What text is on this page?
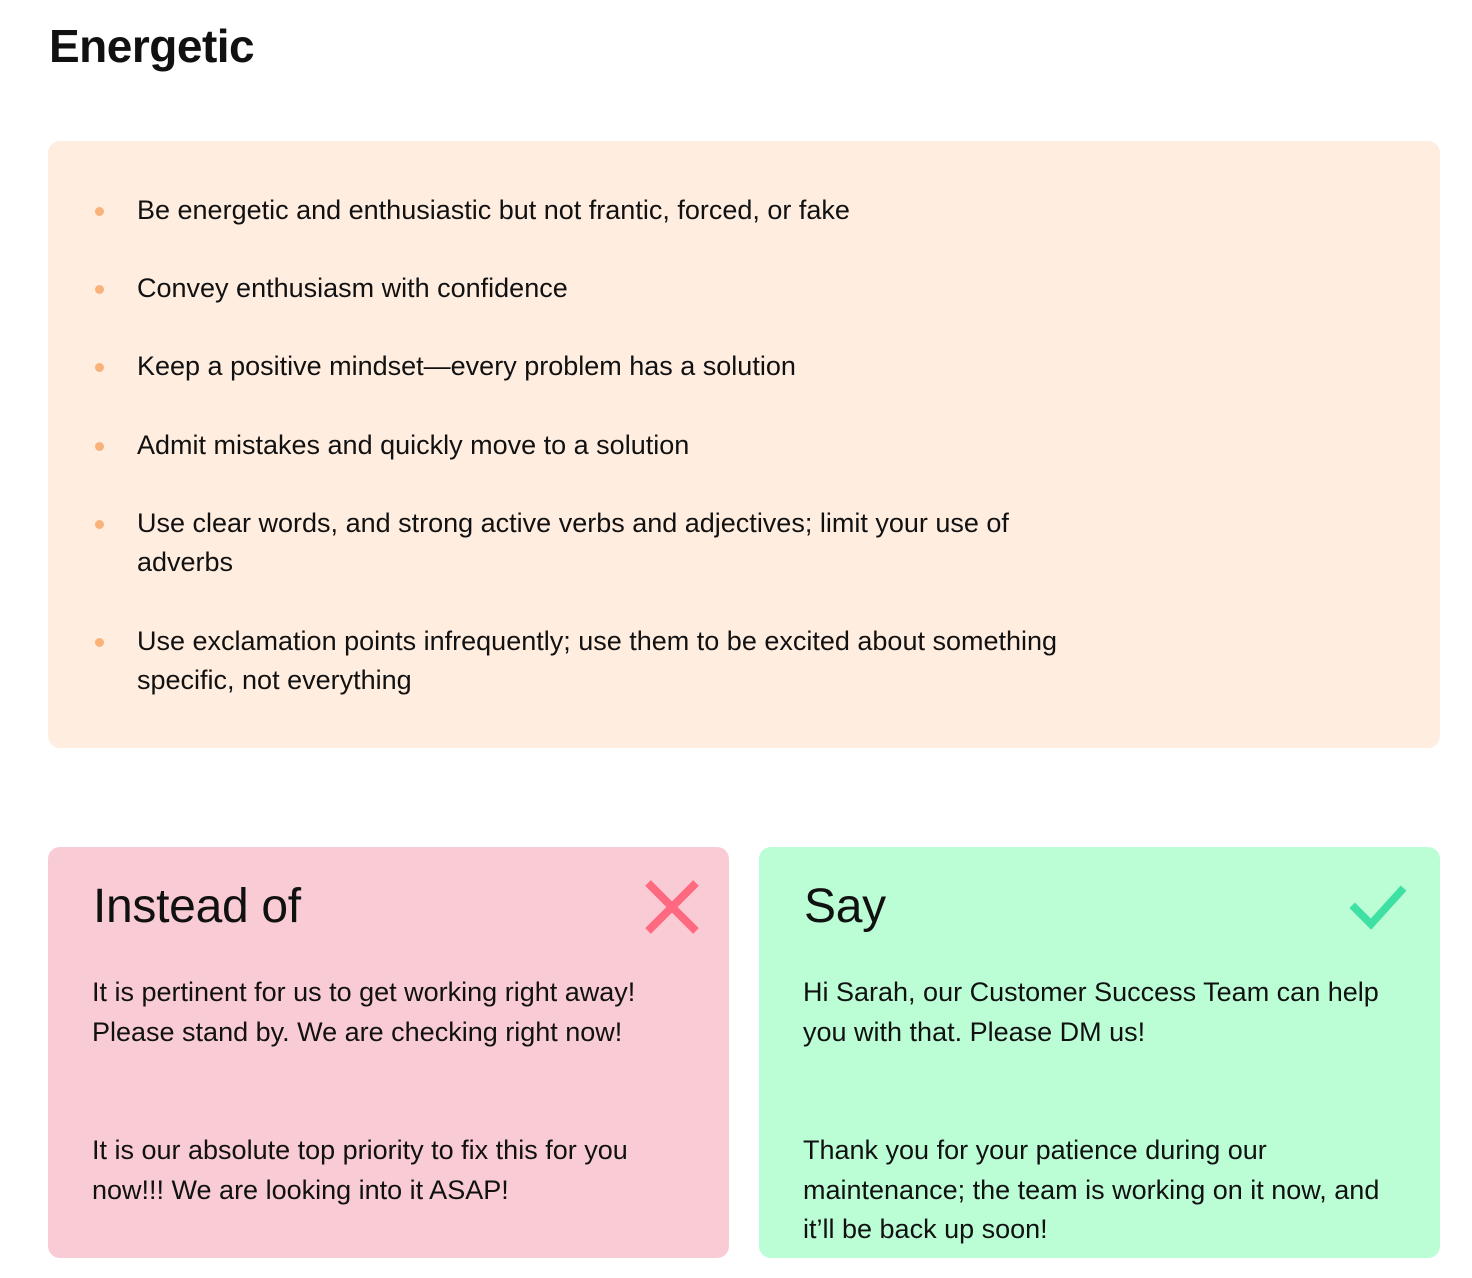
Energetic
Be energetic and enthusiastic but not frantic, forced, or fake
Convey enthusiasm with confidence
Keep a positive mindset—every problem has a solution
Admit mistakes and quickly move to a solution
Use clear words, and strong active verbs and adjectives; limit your use of adverbs
Use exclamation points infrequently; use them to be excited about something specific, not everything
Instead of

It is pertinent for us to get working right away! Please stand by. We are checking right now!

It is our absolute top priority to fix this for you now!!! We are looking into it ASAP!

Say

Hi Sarah, our Customer Success Team can help you with that. Please DM us!

Thank you for your patience during our maintenance; the team is working on it now, and it’ll be back up soon!
